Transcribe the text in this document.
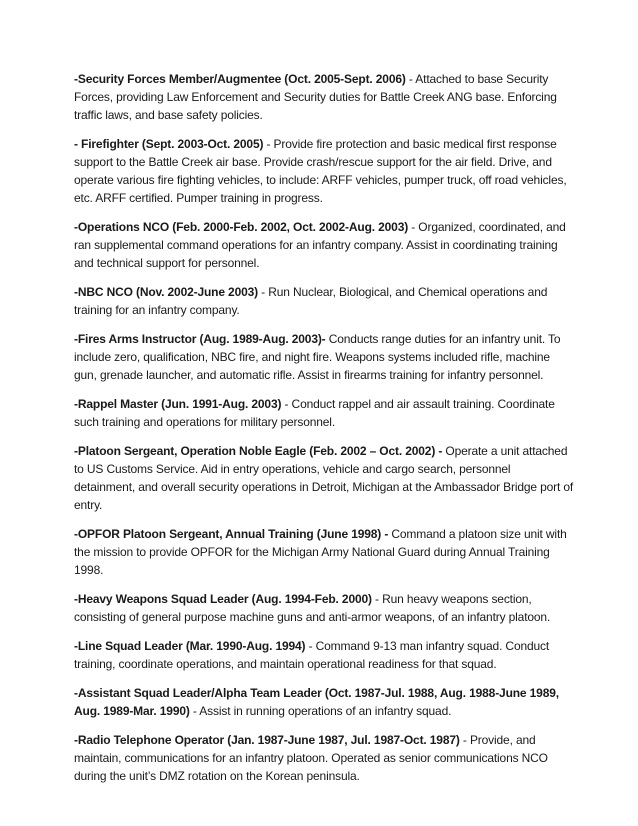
-Security Forces Member/Augmentee (Oct. 2005-Sept. 2006) - Attached to base Security Forces, providing Law Enforcement and Security duties for Battle Creek ANG base. Enforcing traffic laws, and base safety policies.

- Firefighter (Sept. 2003-Oct. 2005) - Provide fire protection and basic medical first response support to the Battle Creek air base. Provide crash/rescue support for the air field. Drive, and operate various fire fighting vehicles, to include: ARFF vehicles, pumper truck, off road vehicles, etc. ARFF certified. Pumper training in progress.

-Operations NCO (Feb. 2000-Feb. 2002, Oct. 2002-Aug. 2003) - Organized, coordinated, and ran supplemental command operations for an infantry company. Assist in coordinating training and technical support for personnel.

-NBC NCO (Nov. 2002-June 2003) - Run Nuclear, Biological, and Chemical operations and training for an infantry company.

-Fires Arms Instructor (Aug. 1989-Aug. 2003)- Conducts range duties for an infantry unit. To include zero, qualification, NBC fire, and night fire. Weapons systems included rifle, machine gun, grenade launcher, and automatic rifle. Assist in firearms training for infantry personnel.

-Rappel Master (Jun. 1991-Aug. 2003) - Conduct rappel and air assault training. Coordinate such training and operations for military personnel.

-Platoon Sergeant, Operation Noble Eagle (Feb. 2002 – Oct. 2002) - Operate a unit attached to US Customs Service. Aid in entry operations, vehicle and cargo search, personnel detainment, and overall security operations in Detroit, Michigan at the Ambassador Bridge port of entry.

-OPFOR Platoon Sergeant, Annual Training (June 1998) - Command a platoon size unit with the mission to provide OPFOR for the Michigan Army National Guard during Annual Training 1998.

-Heavy Weapons Squad Leader (Aug. 1994-Feb. 2000) - Run heavy weapons section, consisting of general purpose machine guns and anti-armor weapons, of an infantry platoon.

-Line Squad Leader (Mar. 1990-Aug. 1994) - Command 9-13 man infantry squad. Conduct training, coordinate operations, and maintain operational readiness for that squad.

-Assistant Squad Leader/Alpha Team Leader (Oct. 1987-Jul. 1988, Aug. 1988-June 1989, Aug. 1989-Mar. 1990) - Assist in running operations of an infantry squad.

-Radio Telephone Operator (Jan. 1987-June 1987, Jul. 1987-Oct. 1987) - Provide, and maintain, communications for an infantry platoon. Operated as senior communications NCO during the unit’s DMZ rotation on the Korean peninsula.
